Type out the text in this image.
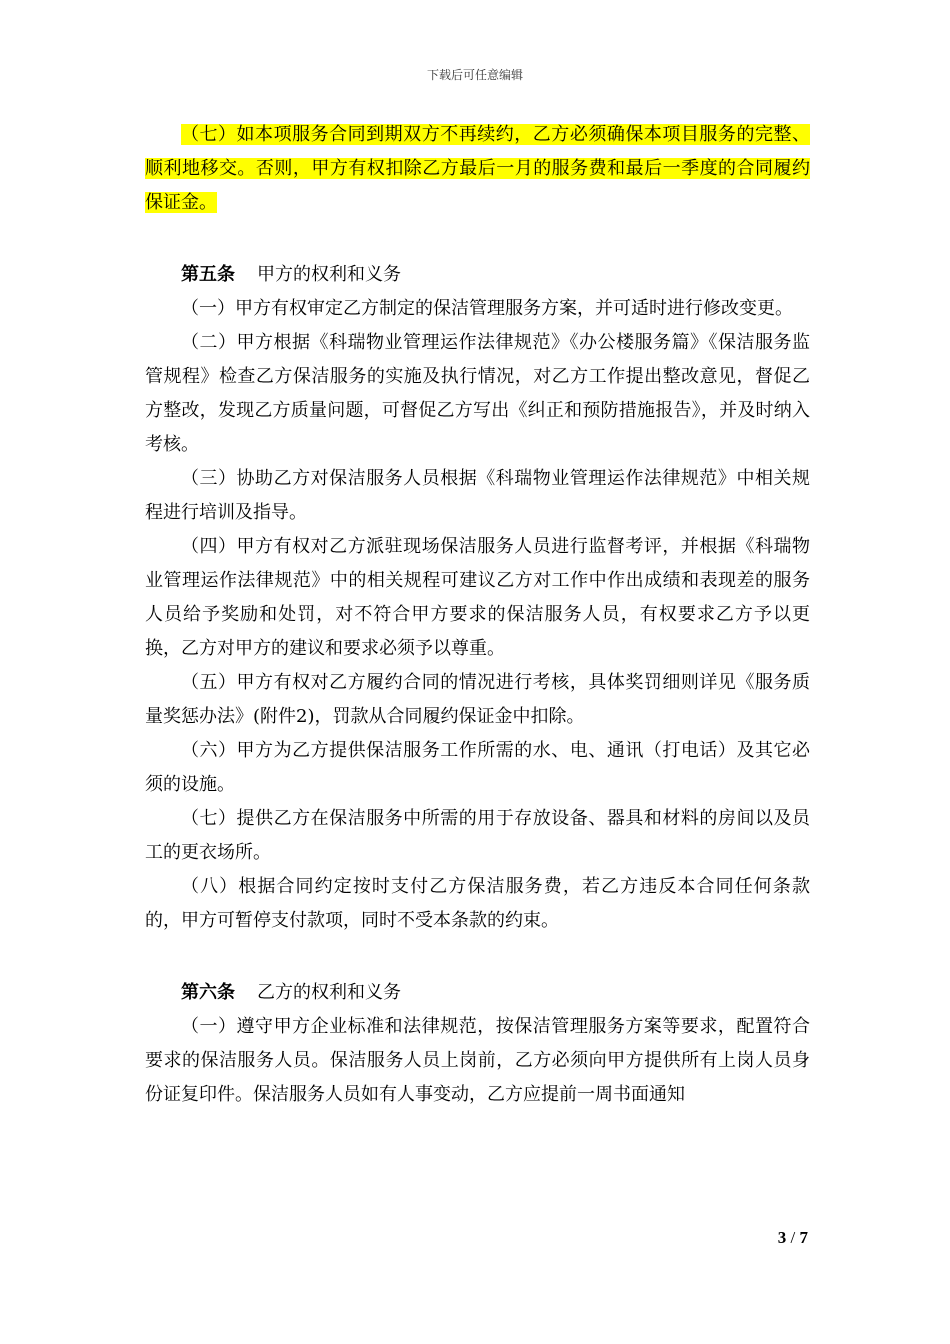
下载后可任意编辑

（七）如本项服务合同到期双方不再续约，乙方必须确保本项目服务的完整、顺利地移交。否则，甲方有权扣除乙方最后一月的服务费和最后一季度的合同履约保证金。

第五条 甲方的权利和义务

（一）甲方有权审定乙方制定的保洁管理服务方案，并可适时进行修改变更。

（二）甲方根据《科瑞物业管理运作法律规范》《办公楼服务篇》《保洁服务监管规程》检查乙方保洁服务的实施及执行情况，对乙方工作提出整改意见，督促乙方整改，发现乙方质量问题，可督促乙方写出《纠正和预防措施报告》，并及时纳入考核。

（三）协助乙方对保洁服务人员根据《科瑞物业管理运作法律规范》中相关规程进行培训及指导。

（四）甲方有权对乙方派驻现场保洁服务人员进行监督考评，并根据《科瑞物业管理运作法律规范》中的相关规程可建议乙方对工作中作出成绩和表现差的服务人员给予奖励和处罚，对不符合甲方要求的保洁服务人员，有权要求乙方予以更换，乙方对甲方的建议和要求必须予以尊重。

（五）甲方有权对乙方履约合同的情况进行考核，具体奖罚细则详见《服务质量奖惩办法》(附件2)，罚款从合同履约保证金中扣除。

（六）甲方为乙方提供保洁服务工作所需的水、电、通讯（打电话）及其它必须的设施。

（七）提供乙方在保洁服务中所需的用于存放设备、器具和材料的房间以及员工的更衣场所。

（八）根据合同约定按时支付乙方保洁服务费，若乙方违反本合同任何条款的，甲方可暂停支付款项，同时不受本条款的约束。

第六条 乙方的权利和义务

（一）遵守甲方企业标准和法律规范，按保洁管理服务方案等要求，配置符合要求的保洁服务人员。保洁服务人员上岗前，乙方必须向甲方提供所有上岗人员身份证复印件。保洁服务人员如有人事变动，乙方应提前一周书面通知

3 / 7
